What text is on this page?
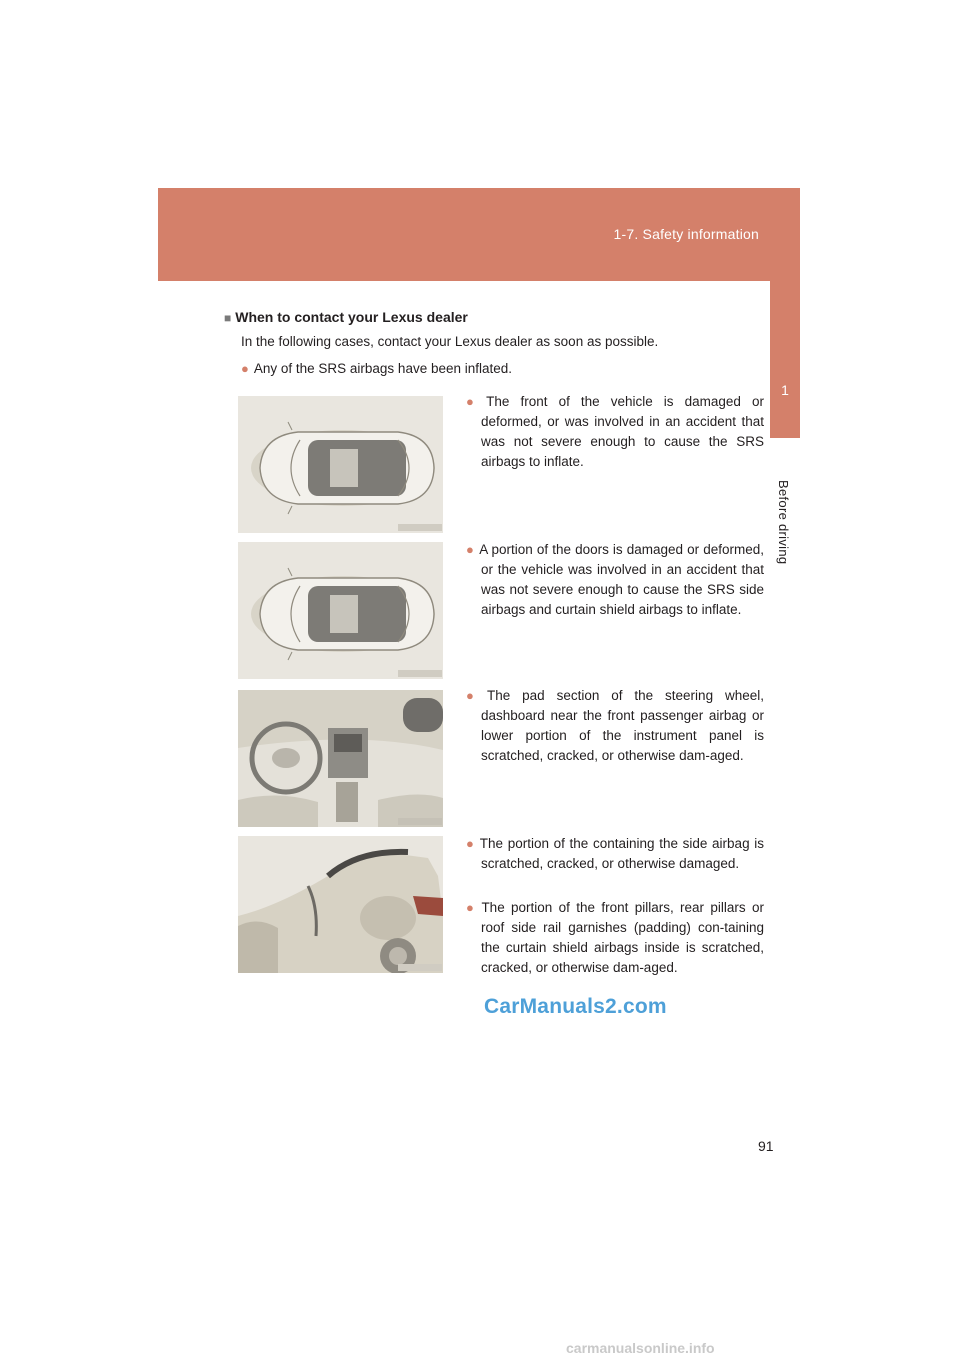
1-7. Safety information
1
Before driving
■ When to contact your Lexus dealer
In the following cases, contact your Lexus dealer as soon as possible.
● Any of the SRS airbags have been inflated.
● The front of the vehicle is damaged or deformed, or was involved in an accident that was not severe enough to cause the SRS airbags to inflate.
● A portion of the doors is damaged or deformed, or the vehicle was involved in an accident that was not severe enough to cause the SRS side airbags and curtain shield airbags to inflate.
● The pad section of the steering wheel, dashboard near the front passenger airbag or lower portion of the instrument panel is scratched, cracked, or otherwise dam-aged.
● The portion of the containing the side airbag is scratched, cracked, or otherwise damaged.
● The portion of the front pillars, rear pillars or roof side rail garnishes (padding) con-taining the curtain shield airbags inside is scratched, cracked, or otherwise dam-aged.
CarManuals2.com
91
carmanualsonline.info
